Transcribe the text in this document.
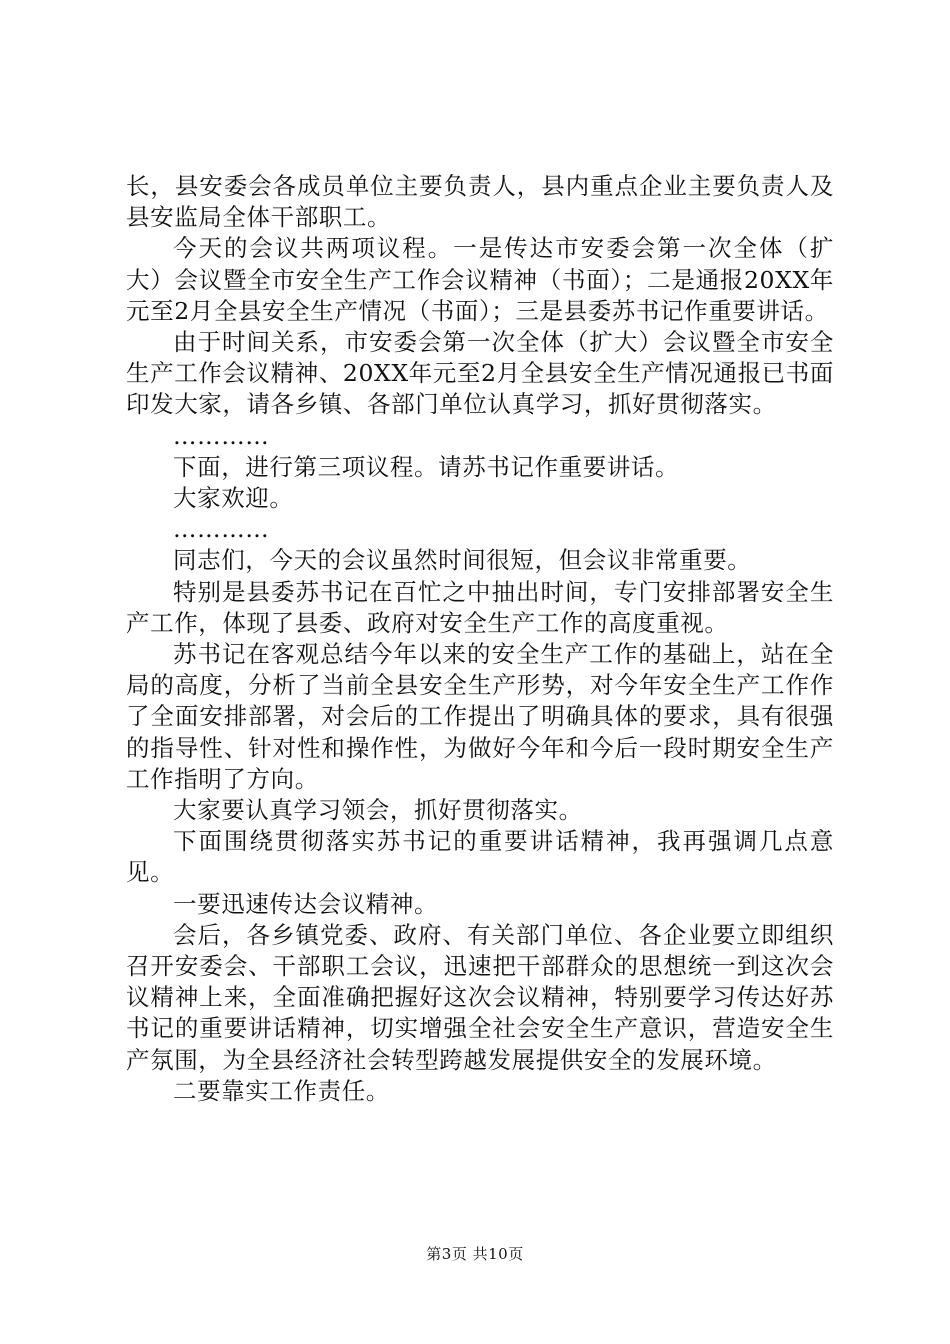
长，县安委会各成员单位主要负责人，县内重点企业主要负责人及县安监局全体干部职工。

今天的会议共两项议程。一是传达市安委会第一次全体（扩大）会议暨全市安全生产工作会议精神（书面）；二是通报20XX年元至2月全县安全生产情况（书面）；三是县委苏书记作重要讲话。

由于时间关系，市安委会第一次全体（扩大）会议暨全市安全生产工作会议精神、20XX年元至2月全县安全生产情况通报已书面印发大家，请各乡镇、各部门单位认真学习，抓好贯彻落实。

…………

下面，进行第三项议程。请苏书记作重要讲话。

大家欢迎。

…………

同志们，今天的会议虽然时间很短，但会议非常重要。

特别是县委苏书记在百忙之中抽出时间，专门安排部署安全生产工作，体现了县委、政府对安全生产工作的高度重视。

苏书记在客观总结今年以来的安全生产工作的基础上，站在全局的高度，分析了当前全县安全生产形势，对今年安全生产工作作了全面安排部署，对会后的工作提出了明确具体的要求，具有很强的指导性、针对性和操作性，为做好今年和今后一段时期安全生产工作指明了方向。

大家要认真学习领会，抓好贯彻落实。

下面围绕贯彻落实苏书记的重要讲话精神，我再强调几点意见。

一要迅速传达会议精神。

会后，各乡镇党委、政府、有关部门单位、各企业要立即组织召开安委会、干部职工会议，迅速把干部群众的思想统一到这次会议精神上来，全面准确把握好这次会议精神，特别要学习传达好苏书记的重要讲话精神，切实增强全社会安全生产意识，营造安全生产氛围，为全县经济社会转型跨越发展提供安全的发展环境。

二要靠实工作责任。

第3页 共10页
